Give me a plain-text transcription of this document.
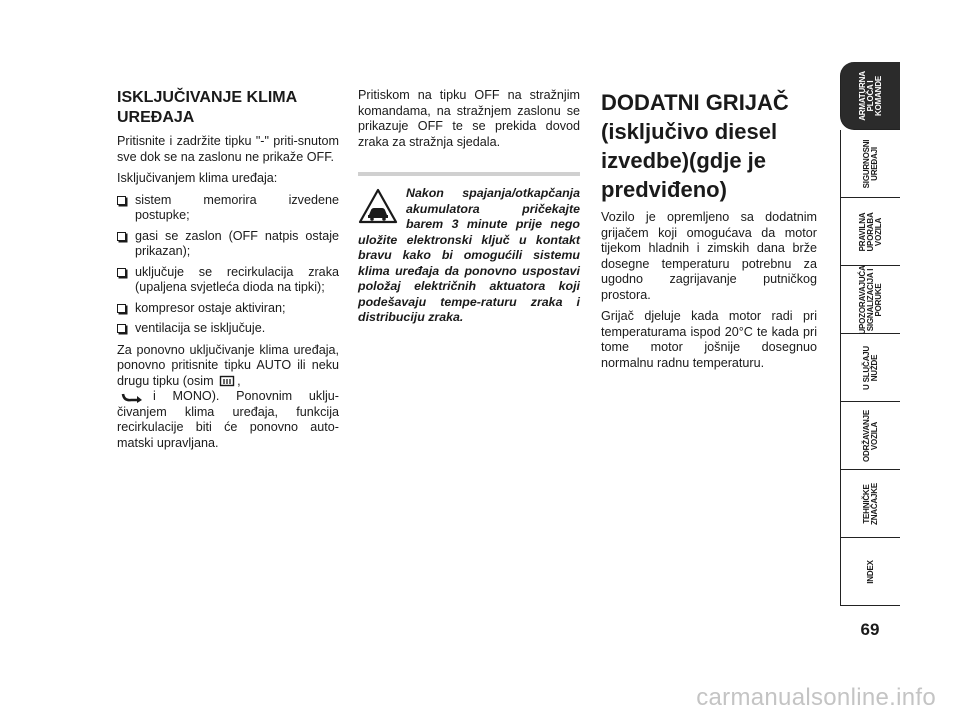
ISKLJUČIVANJE KLIMA UREĐAJA

Pritisnite i zadržite tipku "-" priti-snutom sve dok se na zaslonu ne prikaže OFF.

Isključivanjem klima uređaja:

sistem memorira izvedene postupke;
gasi se zaslon (OFF natpis ostaje prikazan);
uključuje se recirkulacija zraka (upaljena svjetleća dioda na tipki);
kompresor ostaje aktiviran;
ventilacija se isključuje.

Za ponovno uključivanje klima uređaja, ponovno pritisnite tipku AUTO ili neku drugu tipku (osim ,
i MONO). Ponovnim uklju-čivanjem klima uređaja, funkcija recirkulacije biti će ponovno auto-matski upravljana.

Pritiskom na tipku OFF na stražnjim komandama, na stražnjem zaslonu se prikazuje OFF te se prekida dovod zraka za stražnja sjedala.

Nakon spajanja/otkapčanja akumulatora pričekajte barem 3 minute prije nego uložite elektronski ključ u kontakt bravu kako bi omogućili sistemu klima uređaja da ponovno uspostavi položaj električnih aktuatora koji podešavaju tempe-raturu zraka i distribuciju zraka.

DODATNI GRIJAČ (isključivo diesel izvedbe)(gdje je predviđeno)

Vozilo je opremljeno sa dodatnim grijačem koji omogućava da motor tijekom hladnih i zimskih dana brže dosegne temperaturu potrebnu za ugodno zagrijavanje putničkog prostora.

Grijač djeluje kada motor radi pri temperaturama ispod 20°C te kada pri tome motor jošnije dosegnuo normalnu radnu temperaturu.

ARMATURNA
PLOČA I
KOMANDE
SIGURNOSNI
UREĐAJI
PRAVILNA
UPORABA
VOZILA
UPOZORAVAJUĆA
SIGNALIZACIJA I
PORUKE
U SLUČAJU
NUŽDE
ODRŽAVANJE
VOZILA
TEHNIČKE
ZNAČAJKE
INDEX
69
carmanualsonline.info
